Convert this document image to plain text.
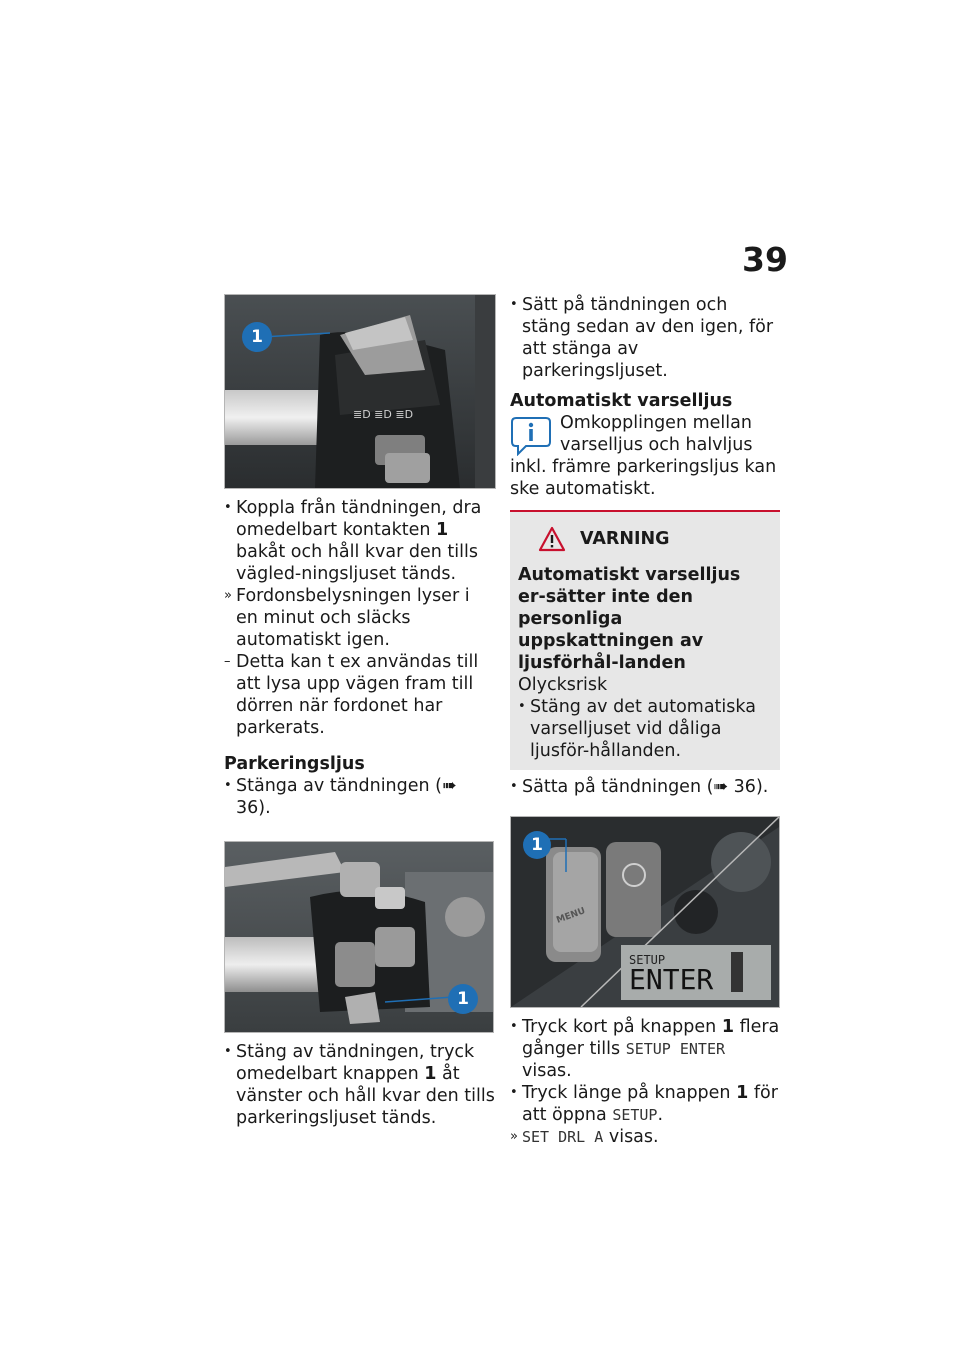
39
≣D ≣D ≣D
1

• Koppla från tändningen, dra omedelbart kontakten 1 bakåt och håll kvar den tills vägled-ningsljuset tänds.

» Fordonsbelysningen lyser i en minut och släcks automatiskt igen.

– Detta kan t ex användas till att lysa upp vägen fram till dörren när fordonet har parkerats.

Parkeringsljus

• Stänga av tändningen (➠ 36).

1

• Stäng av tändningen, tryck omedelbart knappen 1 åt vänster och håll kvar den tills parkeringsljuset tänds.

• Sätt på tändningen och stäng sedan av den igen, för att stänga av parkeringsljuset.

Automatiskt varselljus

Omkopplingen mellan varselljus och halvljus inkl. främre parkeringsljus kan ske automatiskt.
VARNING

Automatiskt varselljus er-sätter inte den personliga uppskattningen av ljusförhål-landen

Olycksrisk

• Stäng av det automatiska varselljuset vid dåliga ljusför-hållanden.

• Sätta på tändningen (➠ 36).

1
MENU
SETUP
ENTER

• Tryck kort på knappen 1 flera gånger tills SETUP ENTER visas.

• Tryck länge på knappen 1 för att öppna SETUP.

» SET DRL A visas.
